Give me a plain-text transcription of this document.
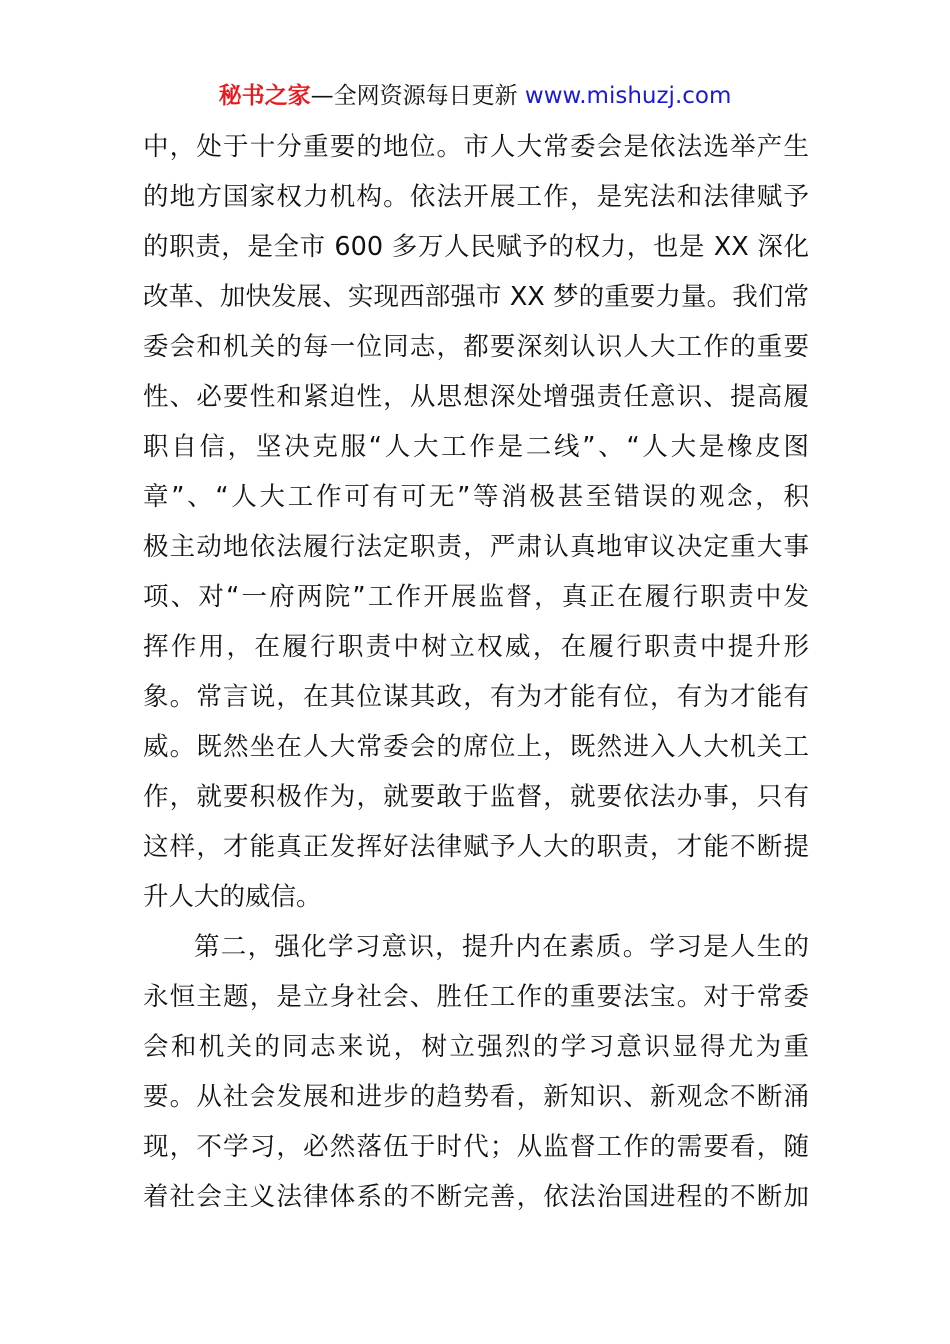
秘书之家—全网资源每日更新 www.mishuzj.com
中，处于十分重要的地位。市人大常委会是依法选举产生
的地方国家权力机构。依法开展工作，是宪法和法律赋予
的职责，是全市 600 多万人民赋予的权力，也是 XX 深化
改革、加快发展、实现西部强市 XX 梦的重要力量。我们常
委会和机关的每一位同志，都要深刻认识人大工作的重要
性、必要性和紧迫性，从思想深处增强责任意识、提高履
职自信，坚决克服“人大工作是二线”、“人大是橡皮图
章”、“人大工作可有可无”等消极甚至错误的观念，积
极主动地依法履行法定职责，严肃认真地审议决定重大事
项、对“一府两院”工作开展监督，真正在履行职责中发
挥作用，在履行职责中树立权威，在履行职责中提升形
象。常言说，在其位谋其政，有为才能有位，有为才能有
威。既然坐在人大常委会的席位上，既然进入人大机关工
作，就要积极作为，就要敢于监督，就要依法办事，只有
这样，才能真正发挥好法律赋予人大的职责，才能不断提
升人大的威信。
第二，强化学习意识，提升内在素质。学习是人生的
永恒主题，是立身社会、胜任工作的重要法宝。对于常委
会和机关的同志来说，树立强烈的学习意识显得尤为重
要。从社会发展和进步的趋势看，新知识、新观念不断涌
现，不学习，必然落伍于时代；从监督工作的需要看，随
着社会主义法律体系的不断完善，依法治国进程的不断加
